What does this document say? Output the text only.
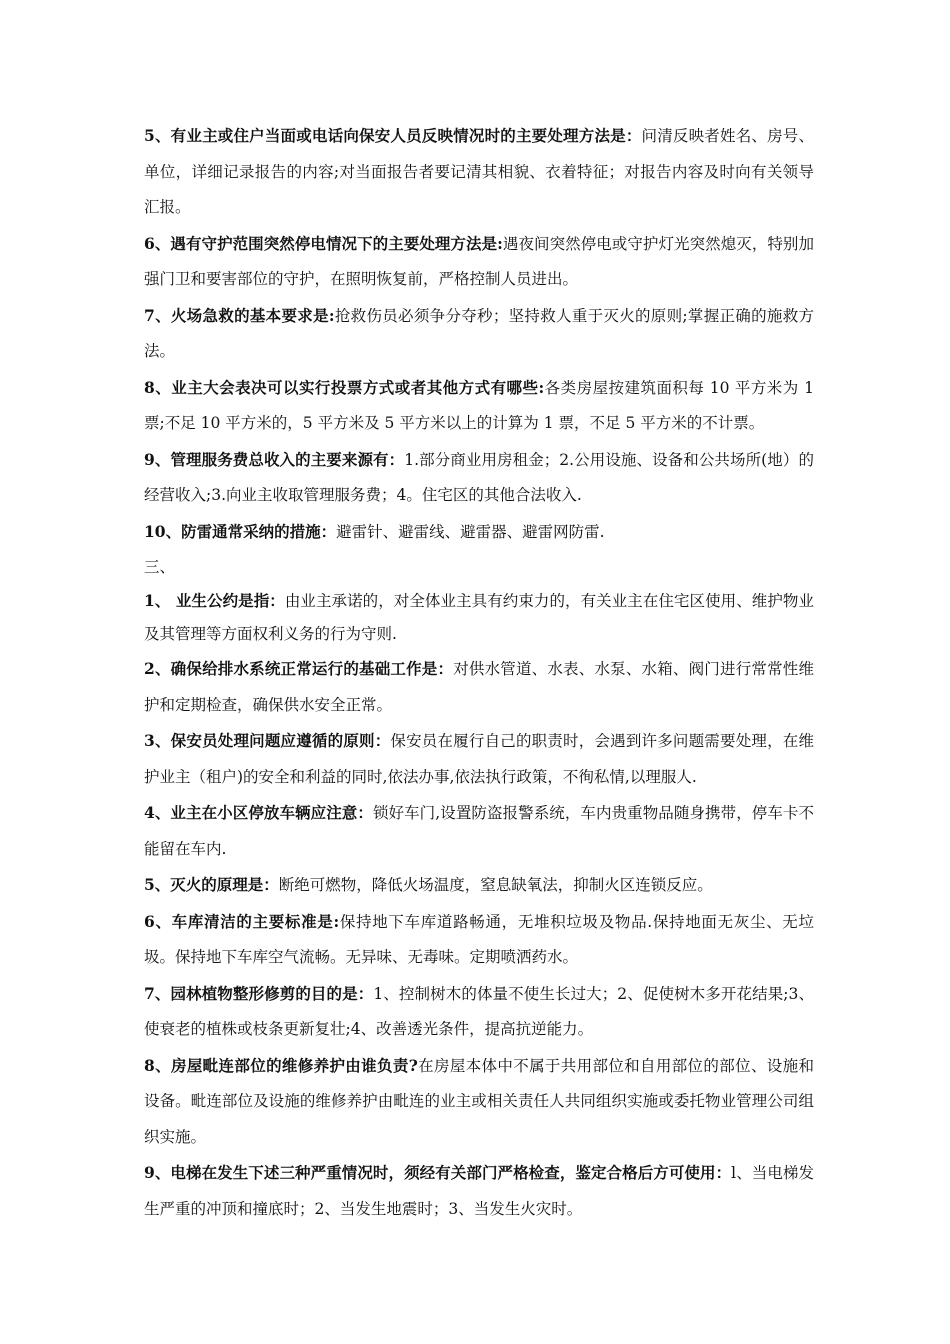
5、有业主或住户当面或电话向保安人员反映情况时的主要处理方法是：问清反映者姓名、房号、单位，详细记录报告的内容;对当面报告者要记清其相貌、衣着特征；对报告内容及时向有关领导汇报。

6、遇有守护范围突然停电情况下的主要处理方法是:遇夜间突然停电或守护灯光突然熄灭，特别加强门卫和要害部位的守护，在照明恢复前，严格控制人员进出。

7、火场急救的基本要求是:抢救伤员必须争分夺秒；坚持救人重于灭火的原则;掌握正确的施救方法。

8、业主大会表决可以实行投票方式或者其他方式有哪些:各类房屋按建筑面积每 10 平方米为 1 票;不足 10 平方米的，5 平方米及 5 平方米以上的计算为 1 票，不足 5 平方米的不计票。

9、管理服务费总收入的主要来源有：1.部分商业用房租金；2.公用设施、设备和公共场所(地）的经营收入;3.向业主收取管理服务费；4。住宅区的其他合法收入.

10、防雷通常采纳的措施：避雷针、避雷线、避雷器、避雷网防雷.

三、

1、 业生公约是指：由业主承诺的，对全体业主具有约束力的，有关业主在住宅区使用、维护物业及其管理等方面权利义务的行为守则.

2、确保给排水系统正常运行的基础工作是：对供水管道、水表、水泵、水箱、阀门进行常常性维护和定期检查，确保供水安全正常。

3、保安员处理问题应遵循的原则：保安员在履行自己的职责时，会遇到许多问题需要处理，在维护业主（租户)的安全和利益的同时,依法办事,依法执行政策，不徇私情,以理服人.

4、业主在小区停放车辆应注意：锁好车门,设置防盗报警系统，车内贵重物品随身携带，停车卡不能留在车内.

5、灭火的原理是：断绝可燃物，降低火场温度，窒息缺氧法，抑制火区连锁反应。

6、车库清洁的主要标准是:保持地下车库道路畅通，无堆积垃圾及物品.保持地面无灰尘、无垃圾。保持地下车库空气流畅。无异味、无毒味。定期喷洒药水。

7、园林植物整形修剪的目的是：1、控制树木的体量不使生长过大；2、促使树木多开花结果;3、使衰老的植株或枝条更新复壮;4、改善透光条件，提高抗逆能力。

8、房屋毗连部位的维修养护由谁负责?在房屋本体中不属于共用部位和自用部位的部位、设施和设备。毗连部位及设施的维修养护由毗连的业主或相关责任人共同组织实施或委托物业管理公司组织实施。

9、电梯在发生下述三种严重情况时，须经有关部门严格检查，鉴定合格后方可使用：l、当电梯发生严重的冲顶和撞底时；2、当发生地震时；3、当发生火灾时。
